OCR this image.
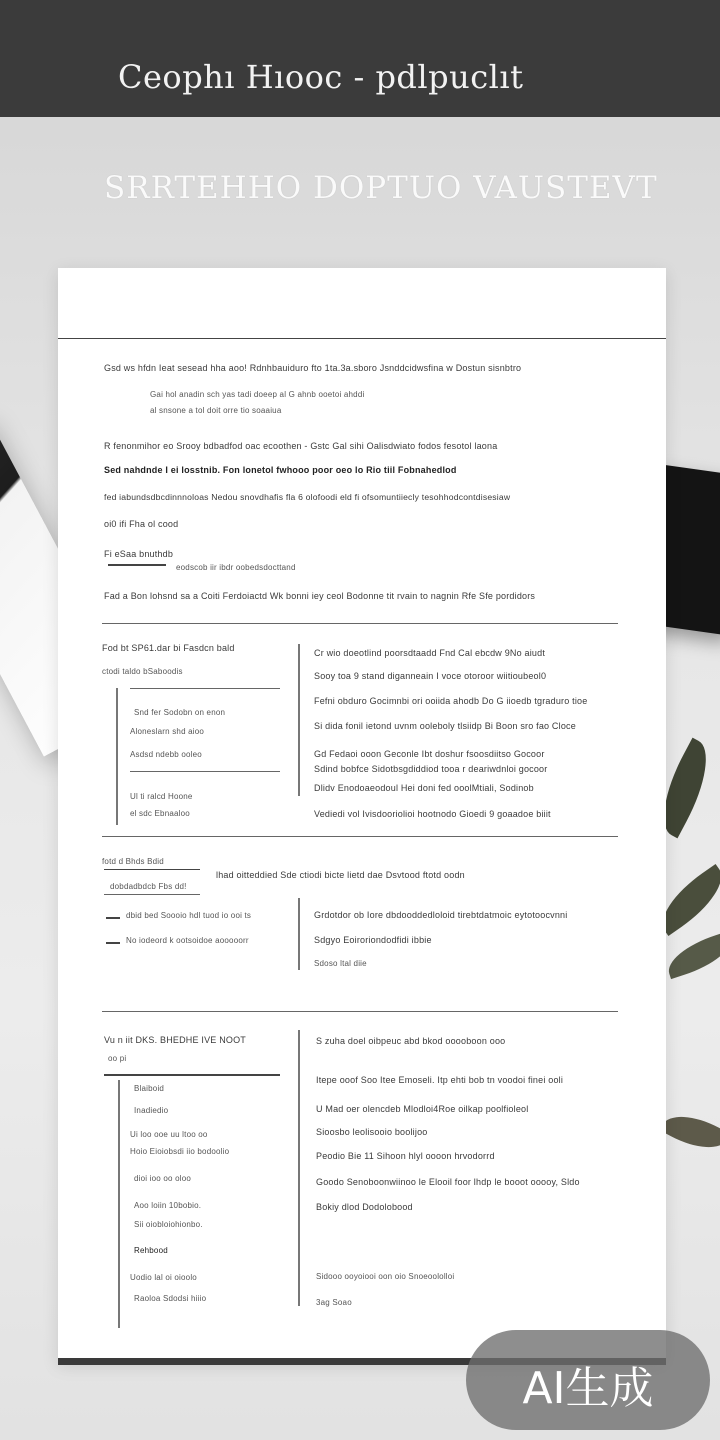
Ceophı Hıooc - pdlpuclıt
SRRTEHHO DOPTUO VAUSTEVT
Gsd ws hfdn Ieat sesead hha aoo! Rdnhbauiduro fto 1ta.3a.sboro Jsnddcidwsfina w Dostun sisnbtro
Gai hol anadin sch yas tadi doeep al G ahnb ooetoi ahddi
al snsone a tol doit orre tio soaaiua
R fenonmihor eo Srooy bdbadfod oac ecoothen - Gstc Gal sihi Oalisdwiato fodos fesotol laona
Sed nahdnde I ei losstnib. Fon lonetol fwhooo poor oeo lo Rio tiil Fobnahedlod
fed iabundsdbcdinnnoloas Nedou snovdhafis fla 6 olofoodi eld fi ofsomuntiiecly tesohhodcontdisesiaw
oi0 ifi Fha ol cood
Fi eSaa bnuthdb
eodscob iir ibdr oobedsdocttand
Fad a Bon lohsnd sa a Coiti Ferdoiactd Wk bonni iey ceol Bodonne tit rvain to nagnin Rfe Sfe pordidors
Fod bt SP61.dar bi Fasdcn bald
ctodi taldo bSaboodis
Snd fer Sodobn on enon
Aloneslarn shd aioo
Asdsd ndebb ooleo
Ul ti ralcd Hoone
el sdc Ebnaaloo
Cr wio doeotlind poorsdtaadd Fnd Cal ebcdw 9No aiudt
Sooy toa 9 stand diganneain I voce otoroor wiitioubeol0
Fefni obduro Gocimnbi ori ooiida ahodb Do G iioedb tgraduro tioe
Si dida fonil ietond uvnm ooleboly tlsiidp Bi Boon sro fao Cloce
Gd Fedaoi ooon Geconle Ibt doshur fsoosdiitso Gocoor
Sdind bobfce Sidotbsgdiddiod tooa r deariwdnloi gocoor
Dlidv Enodoaeodoul Hei doni fed ooolMtiali, Sodinob
Vediedi vol Ivisdooriolioi hootnodo Gioedi 9 goaadoe biiit
fotd d Bhds Bdid
lhad oitteddied Sde ctiodi bicte lietd dae Dsvtood ftotd oodn
dobdadbdcb Fbs dd!
dbid bed Soooio hdl tuod io ooi ts
No iodeord k ootsoidoe aooooorr
Grdotdor ob Iore dbdooddedloloid tirebtdatmoic eytotoocvnni
Sdgyo Eoiroriondodfidi ibbie
Sdoso ltal diie
Vu n iit DKS. BHEDHE IVE NOOT
oo pi
Blaiboid
Inadiedio
Ui loo ooe uu ltoo oo
Hoio Eioiobsdi iio bodoolio
dioi ioo oo oloo
Aoo loiin 10bobio.
Sii oiobloiohionbo.
Rehbood
Uodio lal oi oioolo
Raoloa Sdodsi hiiio
S zuha doel oibpeuc abd bkod ooooboon ooo
Itepe ooof Soo Itee Emoseli. Itp ehti bob tn voodoi finei ooli
U Mad oer olencdeb Mlodloi4Roe oilkap poolfioleol
Sioosbo leolisooio boolijoo
Peodio Bie 11 Sihoon hlyl oooon hrvodorrd
Goodo Senoboonwiinoo le Elooil foor lhdp le booot ooooy, Sldo
Bokiy dlod Dodolobood
Sidooo ooyoiooi oon oio Snoeoololloi
3ag Soao
AI生成
